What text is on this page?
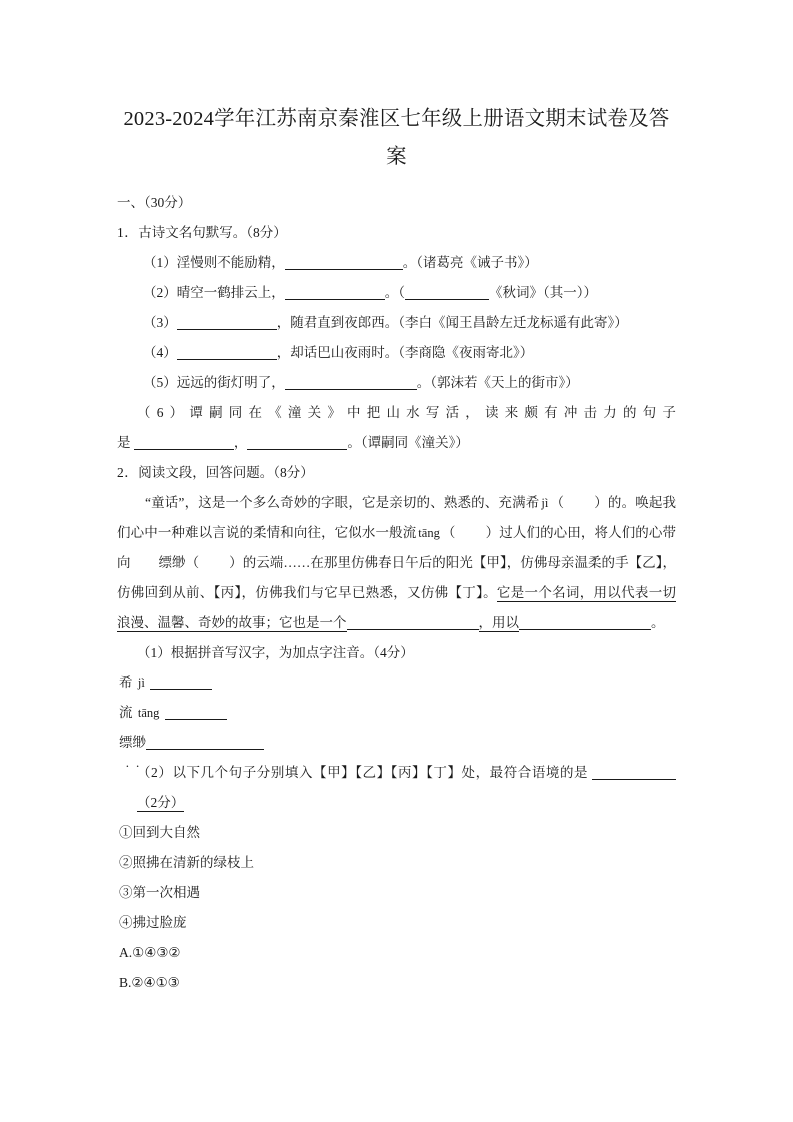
2023-2024学年江苏南京秦淮区七年级上册语文期末试卷及答案

一、（30分）

1．古诗文名句默写。（8分）

（1）淫慢则不能励精，	。（诸葛亮《诫子书》）

（2）晴空一鹤排云上，	。（	《秋词》（其一））

（3）	，随君直到夜郎西。（李白《闻王昌龄左迁龙标遥有此寄》）

（4）	，却话巴山夜雨时。（李商隐《夜雨寄北》）

（5）远远的街灯明了，	。（郭沫若《天上的街市》）

（6）谭嗣同在《潼关》中把山水写活，读来颇有冲击力的句子

是	，	。（谭嗣同《潼关》）

2．阅读文段，回答问题。（8分）

“童话”，这是一个多么奇妙的字眼，它是亲切的、熟悉的、充满希 jì （ ）的。唤起我们心中一种难以言说的柔情和向往，它似水一般流 tāng （ ）过人们的心田，将人们的心带向 缥缈 ..（ ）的云端……在那里仿佛春日午后的阳光【甲】，仿佛母亲温柔的手【乙】，仿佛回到从前、【丙】，仿佛我们与它早已熟悉，又仿佛【丁】。它是一个名词，用以代表一切浪漫、温馨、奇妙的故事；它也是一个	，用以	。

（1）根据拼音写汉字，为加点字注音。（4分）

希 jì

流 tāng

缥缈 ..

（2）以下几个句子分别填入【甲】【乙】【丙】【丁】处，最符合语境的是 （2分）

①回到大自然

②照拂在清新的绿枝上

③第一次相遇

④拂过脸庞

A.①④③②

B.②④①③
